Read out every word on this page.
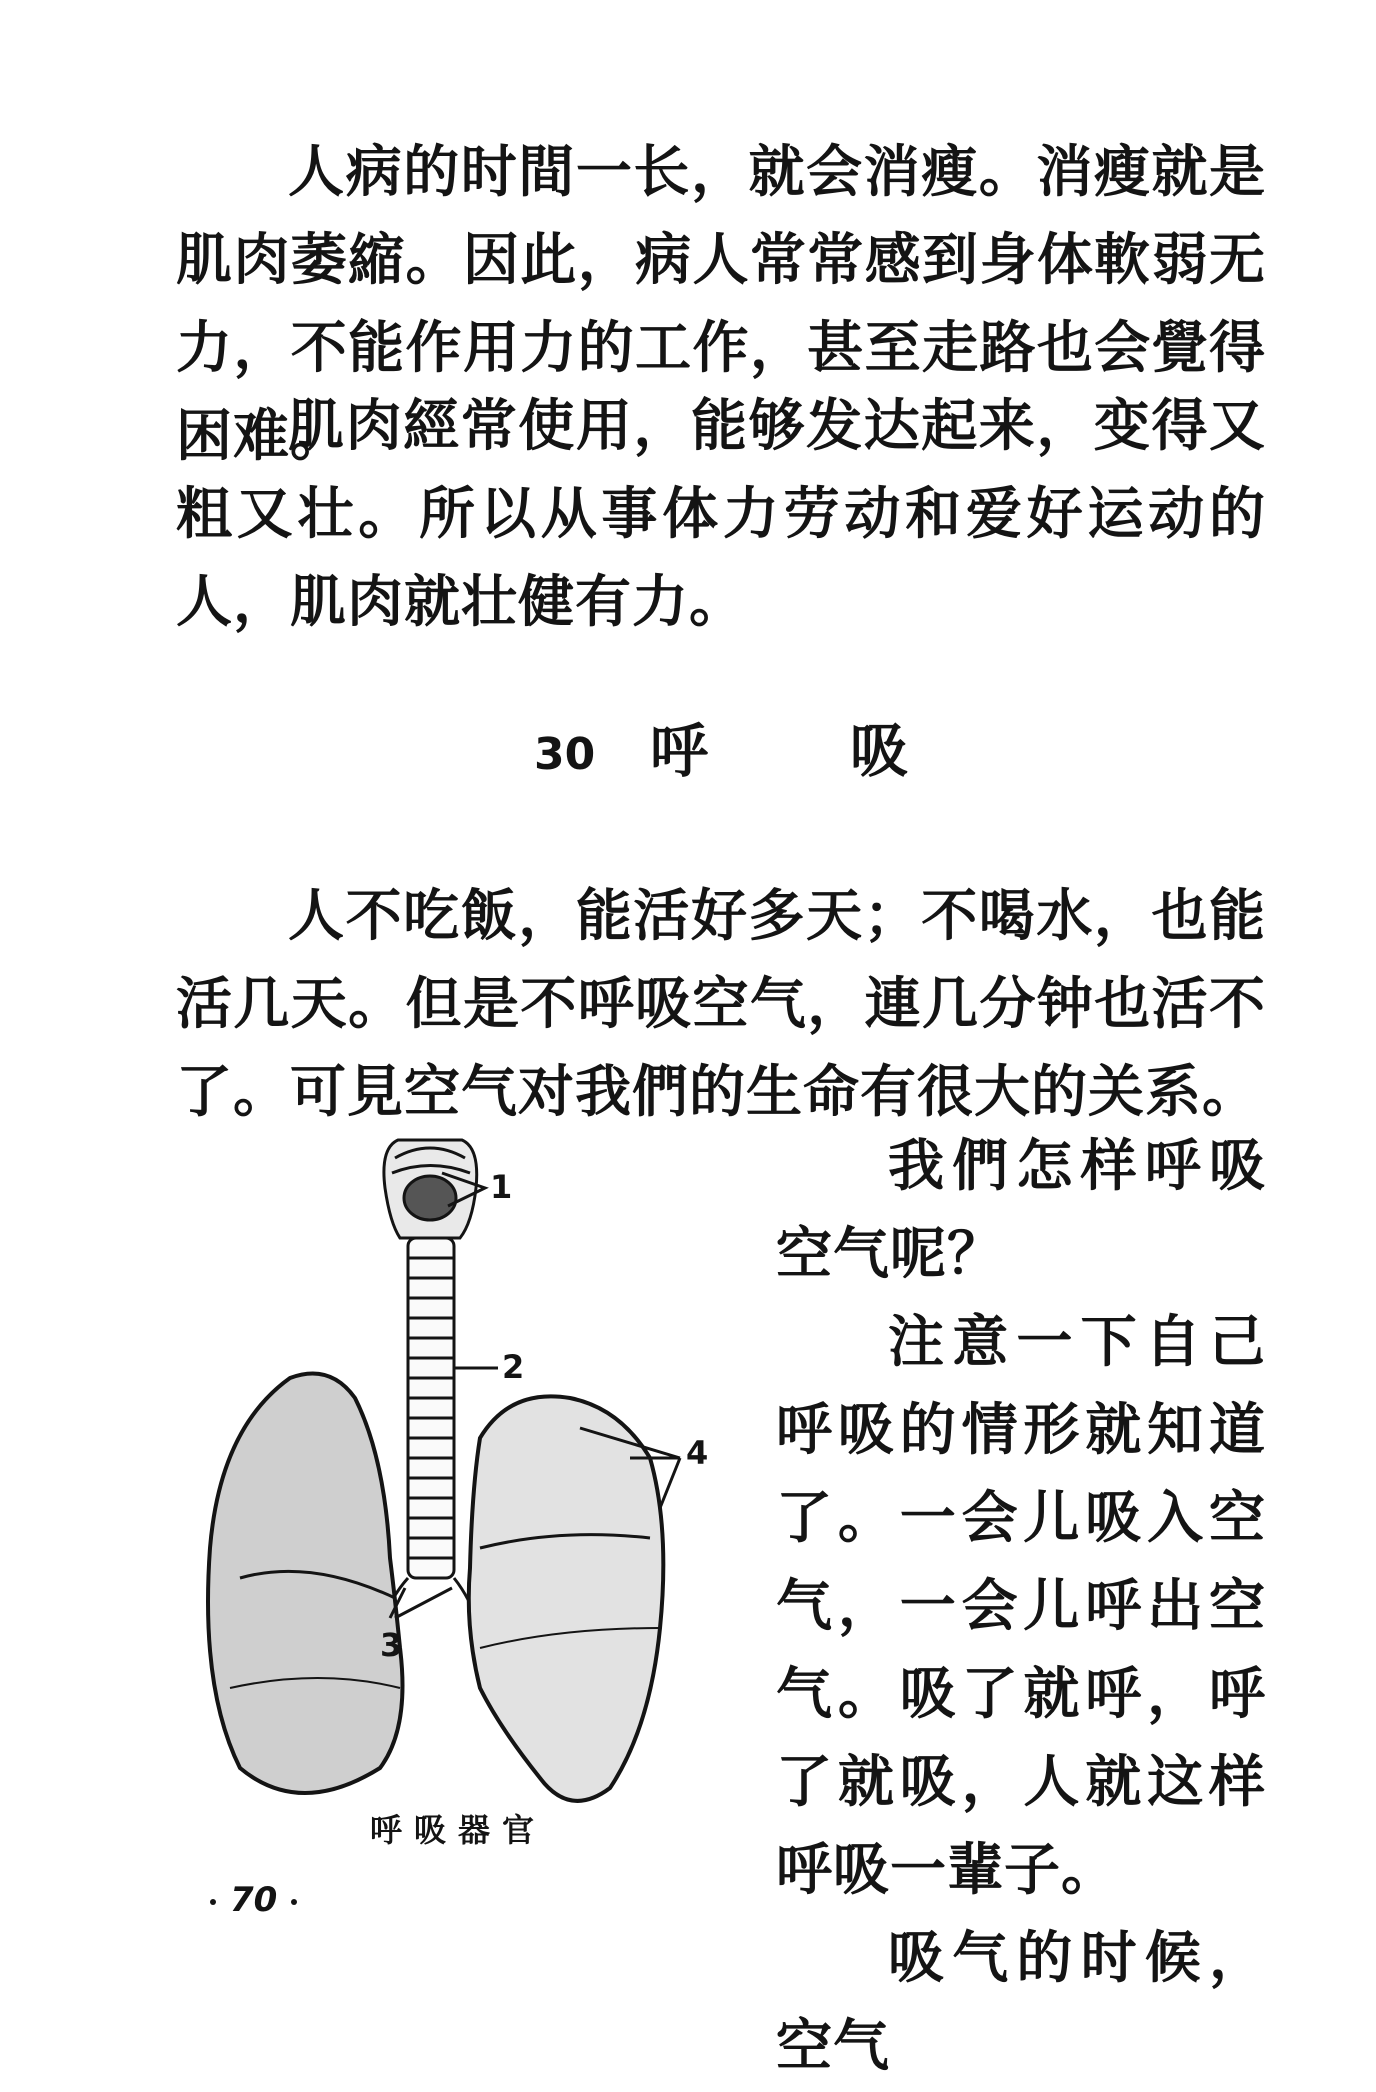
人病的时間一长，就会消瘦。消瘦就是肌肉萎縮。因此，病人常常感到身体軟弱无力，不能作用力的工作，甚至走路也会覺得困难。

肌肉經常使用，能够发达起来，变得又粗又壮。所以从事体力劳动和爱好运动的人，肌肉就壮健有力。

30 呼 吸

人不吃飯，能活好多天；不喝水，也能活几天。但是不呼吸空气，連几分钟也活不了。可見空气对我們的生命有很大的关系。

我們怎样呼吸空气呢？

注意一下自己呼吸的情形就知道了。一会儿吸入空气，一会儿呼出空气。吸了就呼，呼了就吸，人就这样呼吸一輩子。

吸气的时候，空气

1
2
3
4
呼吸器官
70
